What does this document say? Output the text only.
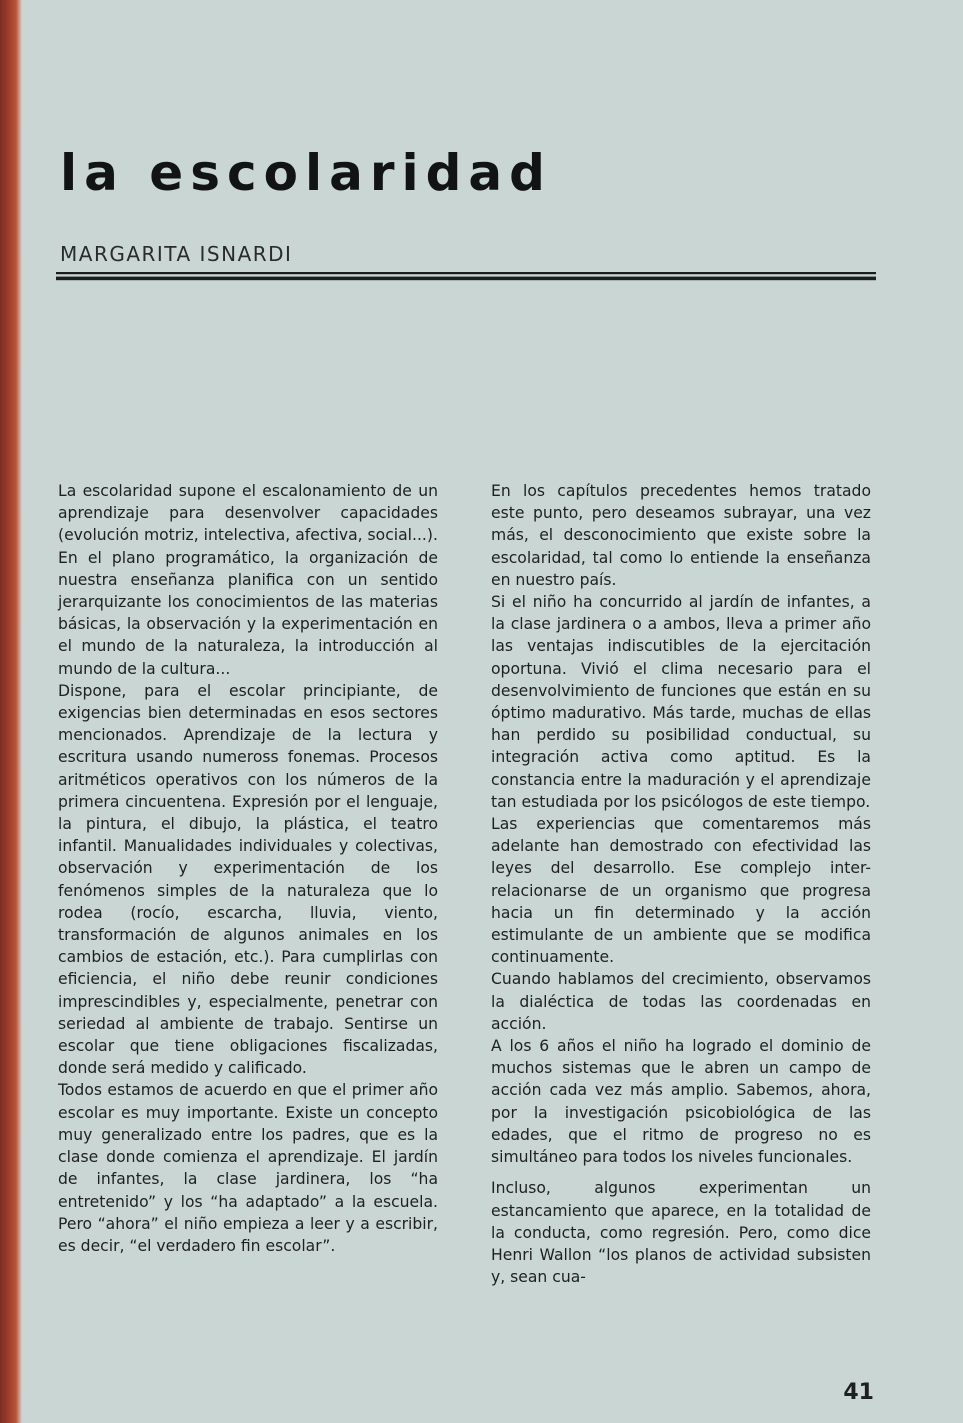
la escolaridad
MARGARITA ISNARDI

La escolaridad supone el escalonamiento de un aprendizaje para desenvolver capacidades (evolución motriz, intelectiva, afectiva, social...).

En el plano programático, la organización de nuestra enseñanza planifica con un sentido jerarquizante los conocimientos de las materias básicas, la observación y la experimentación en el mundo de la naturaleza, la introducción al mundo de la cultura...

Dispone, para el escolar principiante, de exigencias bien determinadas en esos sectores mencionados. Aprendizaje de la lectura y escritura usando numeross fonemas. Procesos aritméticos operativos con los números de la primera cincuentena. Expresión por el lenguaje, la pintura, el dibujo, la plástica, el teatro infantil. Manualidades individuales y colectivas, observación y experimentación de los fenómenos simples de la naturaleza que lo rodea (rocío, escarcha, lluvia, viento, transformación de algunos animales en los cambios de estación, etc.). Para cumplirlas con eficiencia, el niño debe reunir condiciones imprescindibles y, especialmente, penetrar con seriedad al ambiente de trabajo. Sentirse un escolar que tiene obligaciones fiscalizadas, donde será medido y calificado.

Todos estamos de acuerdo en que el primer año escolar es muy importante. Existe un concepto muy generalizado entre los padres, que es la clase donde comienza el aprendizaje. El jardín de infantes, la clase jardinera, los “ha entretenido” y los “ha adaptado” a la escuela. Pero “ahora” el niño empieza a leer y a escribir, es decir, “el verdadero fin escolar”.

En los capítulos precedentes hemos tratado este punto, pero deseamos subrayar, una vez más, el desconocimiento que existe sobre la escolaridad, tal como lo entiende la enseñanza en nuestro país.

Si el niño ha concurrido al jardín de infantes, a la clase jardinera o a ambos, lleva a primer año las ventajas indiscutibles de la ejercitación oportuna. Vivió el clima necesario para el desenvolvimiento de funciones que están en su óptimo madurativo. Más tarde, muchas de ellas han perdido su posibilidad conductual, su integración activa como aptitud. Es la constancia entre la maduración y el aprendizaje tan estudiada por los psicólogos de este tiempo.

Las experiencias que comentaremos más adelante han demostrado con efectividad las leyes del desarrollo. Ese complejo inter-relacionarse de un organismo que progresa hacia un fin determinado y la acción estimulante de un ambiente que se modifica continuamente.

Cuando hablamos del crecimiento, observamos la dialéctica de todas las coordenadas en acción.

A los 6 años el niño ha logrado el dominio de muchos sistemas que le abren un campo de acción cada vez más amplio. Sabemos, ahora, por la investigación psicobiológica de las edades, que el ritmo de progreso no es simultáneo para todos los niveles funcionales.

Incluso, algunos experimentan un estancamiento que aparece, en la totalidad de la conducta, como regresión. Pero, como dice Henri Wallon “los planos de actividad subsisten y, sean cua-

41
